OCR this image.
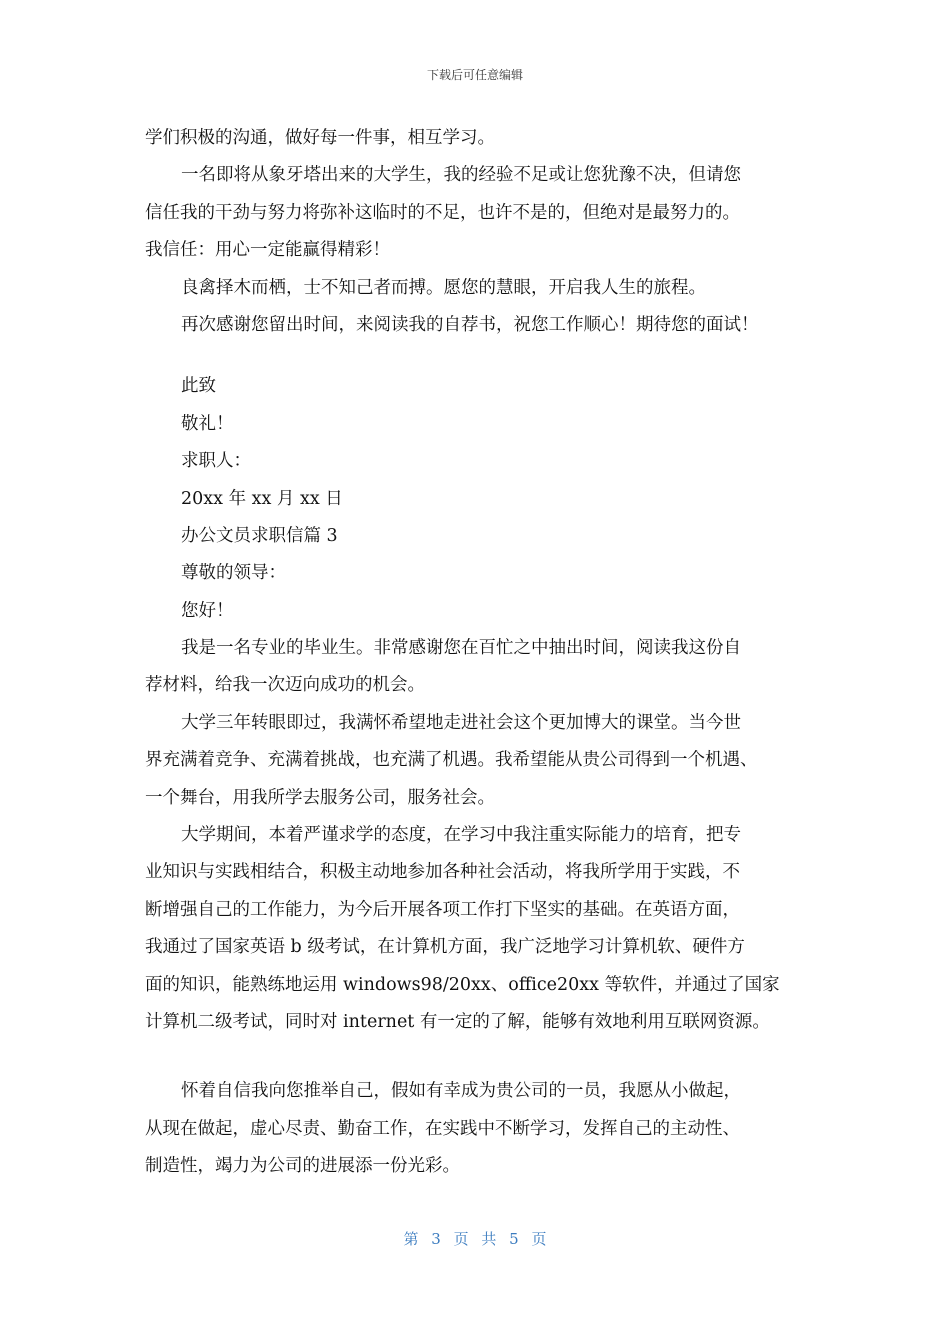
下载后可任意编辑
学们积极的沟通，做好每一件事，相互学习。
一名即将从象牙塔出来的大学生，我的经验不足或让您犹豫不决，但请您
信任我的干劲与努力将弥补这临时的不足，也许不是的，但绝对是最努力的。
我信任：用心一定能赢得精彩！
良禽择木而栖，士不知己者而搏。愿您的慧眼，开启我人生的旅程。
再次感谢您留出时间，来阅读我的自荐书，祝您工作顺心！期待您的面试！
此致
敬礼！
求职人：
20xx 年 xx 月 xx 日
办公文员求职信篇 3
尊敬的领导：
您好！
我是一名专业的毕业生。非常感谢您在百忙之中抽出时间，阅读我这份自
荐材料，给我一次迈向成功的机会。
大学三年转眼即过，我满怀希望地走进社会这个更加博大的课堂。当今世
界充满着竞争、充满着挑战，也充满了机遇。我希望能从贵公司得到一个机遇、
一个舞台，用我所学去服务公司，服务社会。
大学期间，本着严谨求学的态度，在学习中我注重实际能力的培育，把专
业知识与实践相结合，积极主动地参加各种社会活动，将我所学用于实践，不
断增强自己的工作能力，为今后开展各项工作打下坚实的基础。在英语方面，
我通过了国家英语 b 级考试，在计算机方面，我广泛地学习计算机软、硬件方
面的知识，能熟练地运用 windows98/20xx、office20xx 等软件，并通过了国家
计算机二级考试，同时对 internet 有一定的了解，能够有效地利用互联网资源。
怀着自信我向您推举自己，假如有幸成为贵公司的一员，我愿从小做起，
从现在做起，虚心尽责、勤奋工作，在实践中不断学习，发挥自己的主动性、
制造性，竭力为公司的进展添一份光彩。
第 3 页 共 5 页
